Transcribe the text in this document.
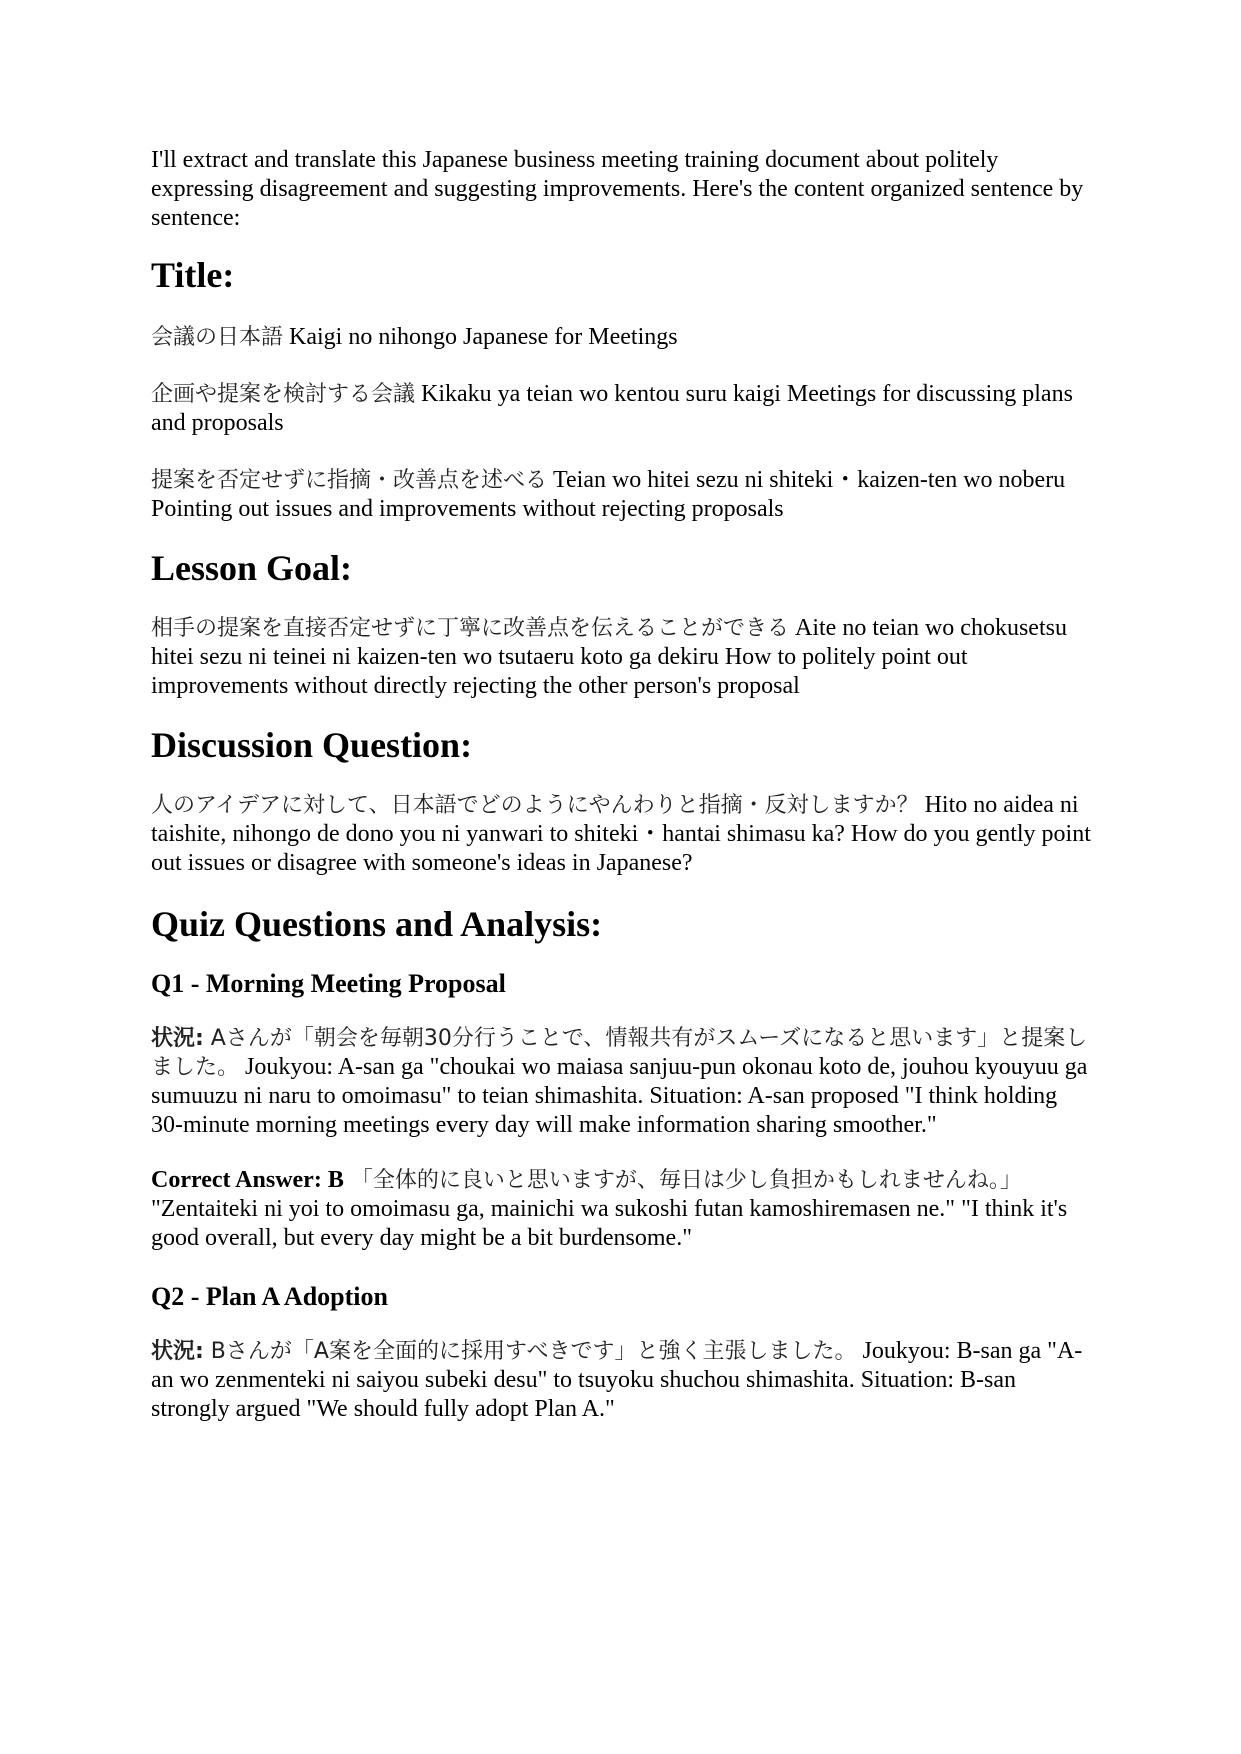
I'll extract and translate this Japanese business meeting training document about politely expressing disagreement and suggesting improvements. Here's the content organized sentence by sentence:

Title:

会議の日本語 Kaigi no nihongo Japanese for Meetings

企画や提案を検討する会議 Kikaku ya teian wo kentou suru kaigi Meetings for discussing plans and proposals

提案を否定せずに指摘・改善点を述べる Teian wo hitei sezu ni shiteki・kaizen-ten wo noberu Pointing out issues and improvements without rejecting proposals

Lesson Goal:

相手の提案を直接否定せずに丁寧に改善点を伝えることができる Aite no teian wo chokusetsu hitei sezu ni teinei ni kaizen-ten wo tsutaeru koto ga dekiru How to politely point out improvements without directly rejecting the other person's proposal

Discussion Question:

人のアイデアに対して、日本語でどのようにやんわりと指摘・反対しますか？ Hito no aidea ni taishite, nihongo de dono you ni yanwari to shiteki・hantai shimasu ka? How do you gently point out issues or disagree with someone's ideas in Japanese?

Quiz Questions and Analysis:
Q1 - Morning Meeting Proposal

状況: Aさんが「朝会を毎朝30分行うことで、情報共有がスムーズになると思います」と提案しました。 Joukyou: A-san ga "choukai wo maiasa sanjuu-pun okonau koto de, jouhou kyouyuu ga sumuuzu ni naru to omoimasu" to teian shimashita. Situation: A-san proposed "I think holding 30-minute morning meetings every day will make information sharing smoother."

Correct Answer: B 「全体的に良いと思いますが、毎日は少し負担かもしれませんね。」 "Zentaiteki ni yoi to omoimasu ga, mainichi wa sukoshi futan kamoshiremasen ne." "I think it's good overall, but every day might be a bit burdensome."

Q2 - Plan A Adoption

状況: Bさんが「A案を全面的に採用すべきです」と強く主張しました。 Joukyou: B-san ga "A-an wo zenmenteki ni saiyou subeki desu" to tsuyoku shuchou shimashita. Situation: B-san strongly argued "We should fully adopt Plan A."
